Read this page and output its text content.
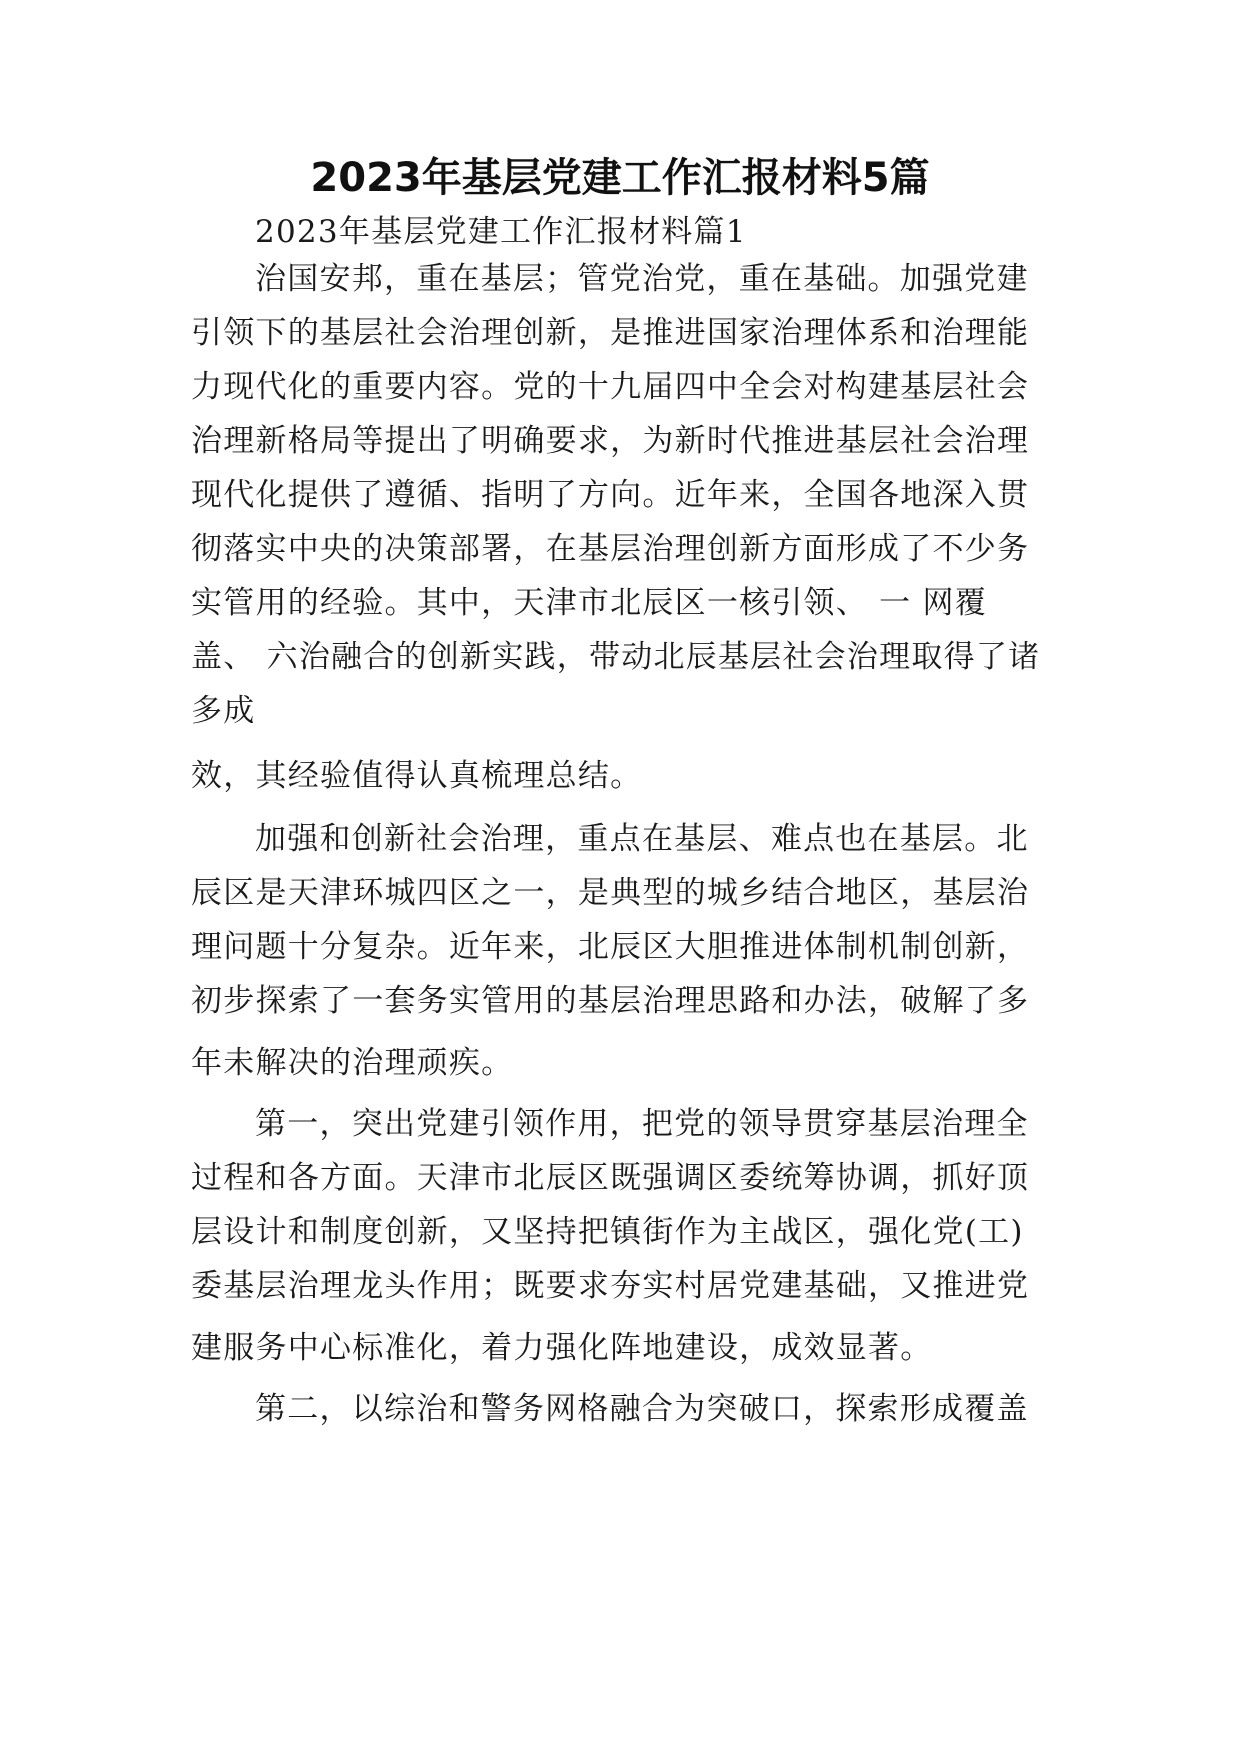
2023年基层党建工作汇报材料5篇
2023年基层党建工作汇报材料篇1
治国安邦，重在基层；管党治党，重在基础。加强党建
引领下的基层社会治理创新，是推进国家治理体系和治理能
力现代化的重要内容。党的十九届四中全会对构建基层社会
治理新格局等提出了明确要求，为新时代推进基层社会治理
现代化提供了遵循、指明了方向。近年来，全国各地深入贯
彻落实中央的决策部署，在基层治理创新方面形成了不少务
实管用的经验。其中，天津市北辰区一核引领、 一 网覆
盖、 六治融合的创新实践，带动北辰基层社会治理取得了诸
多成
效，其经验值得认真梳理总结。
加强和创新社会治理，重点在基层、难点也在基层。北
辰区是天津环城四区之一，是典型的城乡结合地区，基层治
理问题十分复杂。近年来，北辰区大胆推进体制机制创新，
初步探索了一套务实管用的基层治理思路和办法，破解了多
年未解决的治理顽疾。
第一，突出党建引领作用，把党的领导贯穿基层治理全
过程和各方面。天津市北辰区既强调区委统筹协调，抓好顶
层设计和制度创新，又坚持把镇街作为主战区，强化党(工)
委基层治理龙头作用；既要求夯实村居党建基础，又推进党
建服务中心标准化，着力强化阵地建设，成效显著。
第二，以综治和警务网格融合为突破口，探索形成覆盖
